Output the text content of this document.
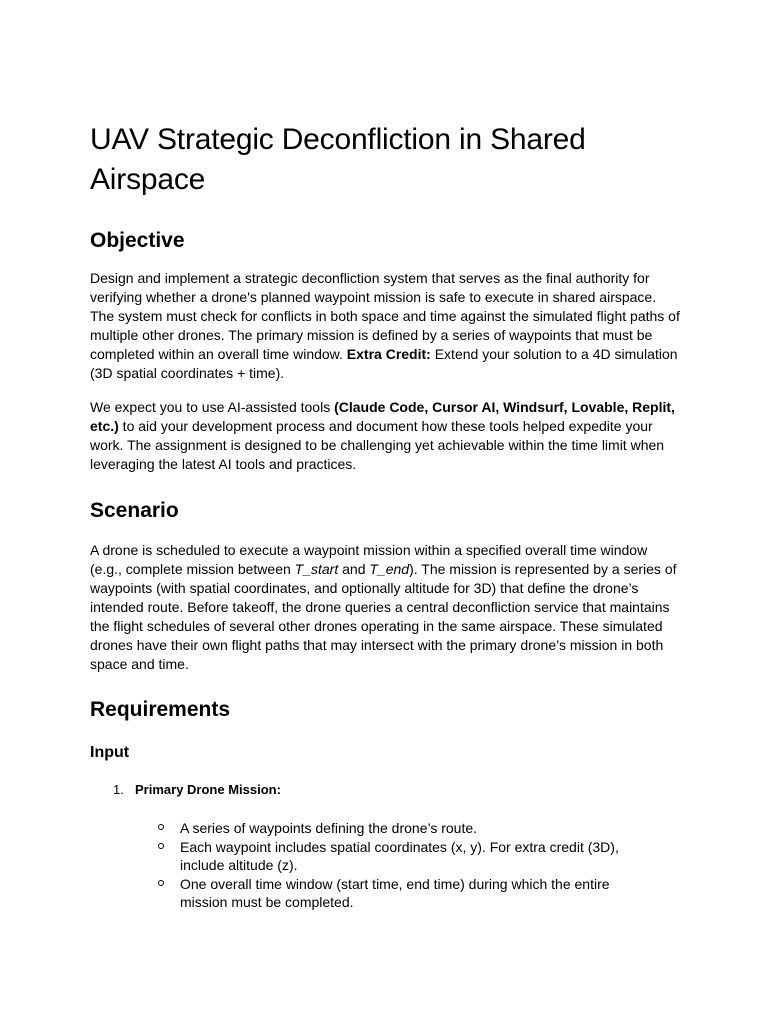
UAV Strategic Deconfliction in Shared Airspace
Objective

Design and implement a strategic deconfliction system that serves as the final authority for verifying whether a drone's planned waypoint mission is safe to execute in shared airspace. The system must check for conflicts in both space and time against the simulated flight paths of multiple other drones. The primary mission is defined by a series of waypoints that must be completed within an overall time window. Extra Credit: Extend your solution to a 4D simulation (3D spatial coordinates + time).

We expect you to use AI-assisted tools (Claude Code, Cursor AI, Windsurf, Lovable, Replit, etc.) to aid your development process and document how these tools helped expedite your work. The assignment is designed to be challenging yet achievable within the time limit when leveraging the latest AI tools and practices.

Scenario

A drone is scheduled to execute a waypoint mission within a specified overall time window (e.g., complete mission between T_start and T_end). The mission is represented by a series of waypoints (with spatial coordinates, and optionally altitude for 3D) that define the drone’s intended route. Before takeoff, the drone queries a central deconfliction service that maintains the flight schedules of several other drones operating in the same airspace. These simulated drones have their own flight paths that may intersect with the primary drone’s mission in both space and time.

Requirements
Input
1. Primary Drone Mission:
A series of waypoints defining the drone’s route.
Each waypoint includes spatial coordinates (x, y). For extra credit (3D), include altitude (z).
One overall time window (start time, end time) during which the entire mission must be completed.
